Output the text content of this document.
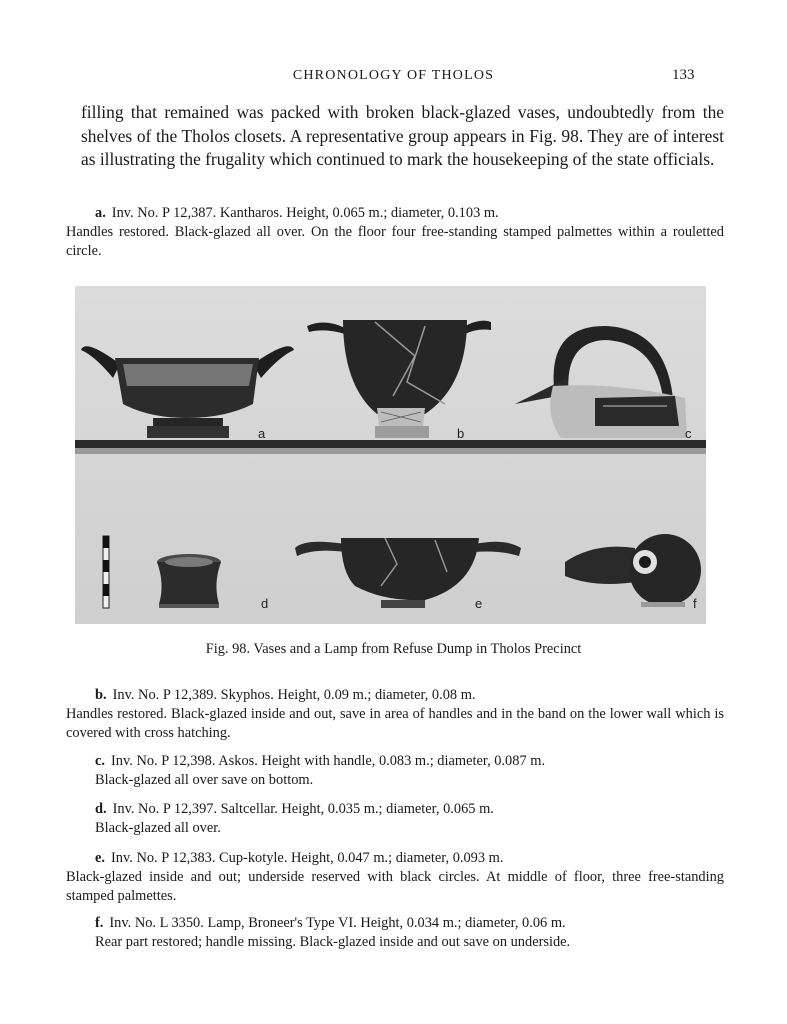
CHRONOLOGY OF THOLOS	133
filling that remained was packed with broken black-glazed vases, undoubtedly from the shelves of the Tholos closets. A representative group appears in Fig. 98. They are of interest as illustrating the frugality which continued to mark the housekeeping of the state officials.
a. Inv. No. P 12,387. Kantharos. Height, 0.065 m.; diameter, 0.103 m.
Handles restored. Black-glazed all over. On the floor four free-standing stamped palmettes within a rouletted circle.
a	b	c
d	e	f
Fig. 98. Vases and a Lamp from Refuse Dump in Tholos Precinct
b. Inv. No. P 12,389. Skyphos. Height, 0.09 m.; diameter, 0.08 m.
Handles restored. Black-glazed inside and out, save in area of handles and in the band on the lower wall which is covered with cross hatching.
c. Inv. No. P 12,398. Askos. Height with handle, 0.083 m.; diameter, 0.087 m.
Black-glazed all over save on bottom.
d. Inv. No. P 12,397. Saltcellar. Height, 0.035 m.; diameter, 0.065 m.
Black-glazed all over.
e. Inv. No. P 12,383. Cup-kotyle. Height, 0.047 m.; diameter, 0.093 m.
Black-glazed inside and out; underside reserved with black circles. At middle of floor, three free-standing stamped palmettes.
f. Inv. No. L 3350. Lamp, Broneer's Type VI. Height, 0.034 m.; diameter, 0.06 m.
Rear part restored; handle missing. Black-glazed inside and out save on underside.
